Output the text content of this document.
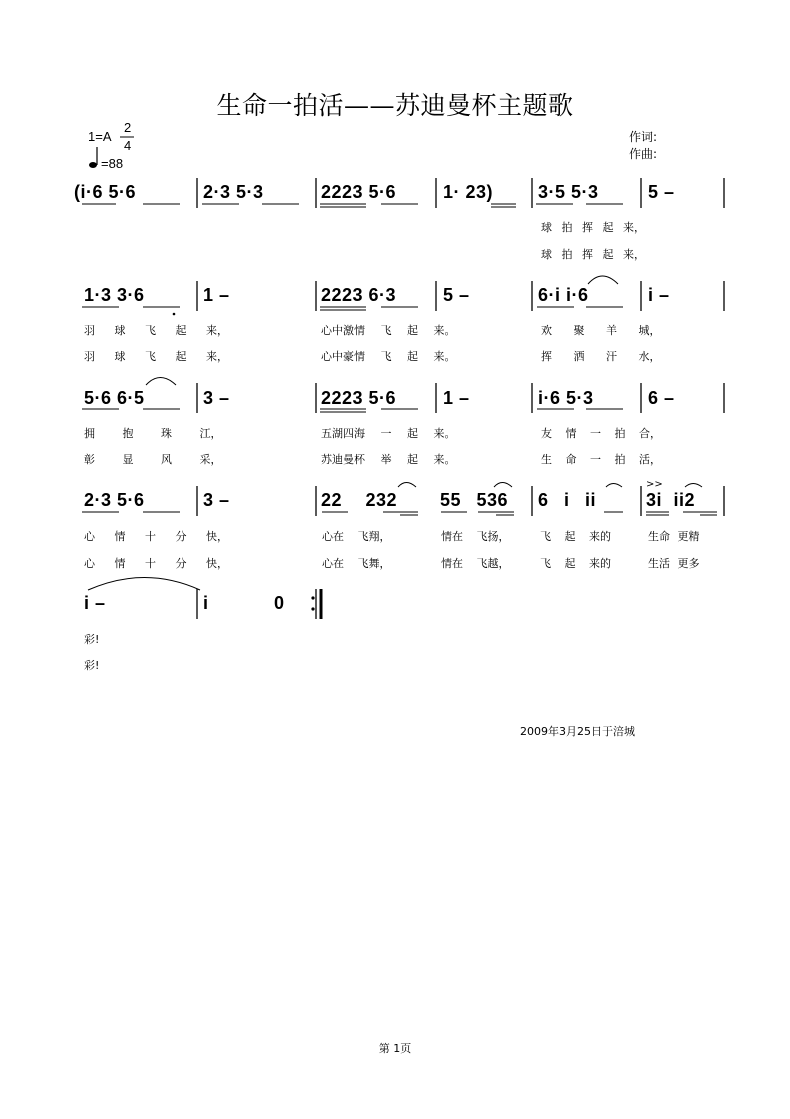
生命一拍活——苏迪曼杯主题歌
1=A
2
4
=88
作词:
作曲:
>>
(i·6 5·6	2·3 5·3	2223 5·6	1· 23) 3·5 5·3	5 –
球 拍 挥 起 来，
球 拍 挥 起 来，
1·3 3·6	1 –	2223 6·3	5 –	6·i i·6	i –
羽 球 飞 起 来，	心中激情 飞 起 来。	欢 聚 羊 城，
羽 球 飞 起 来，	心中豪情 飞 起 来。	挥 洒 汗 水，
5·6 6·5	3 –	2223 5·6	1 –	i·6 5·3	6 –
拥 抱 珠 江，	五湖四海 一 起 来。	友 情 一 拍 合，
彰 显 风 采，	苏迪曼杯 举 起 来。	生 命 一 拍 活，
2·3 5·6	3 –	22 232 55 536 6 i ii	3i ii2
心 情 十 分 快，	心在 飞翔，	情在 飞扬，	飞 起 来的	生命 更精
心 情 十 分 快，	心在 飞舞，	情在 飞越，	飞 起 来的	生活 更多
i –	i 0
彩!
彩!
2009年3月25日于涪城
第 1页
